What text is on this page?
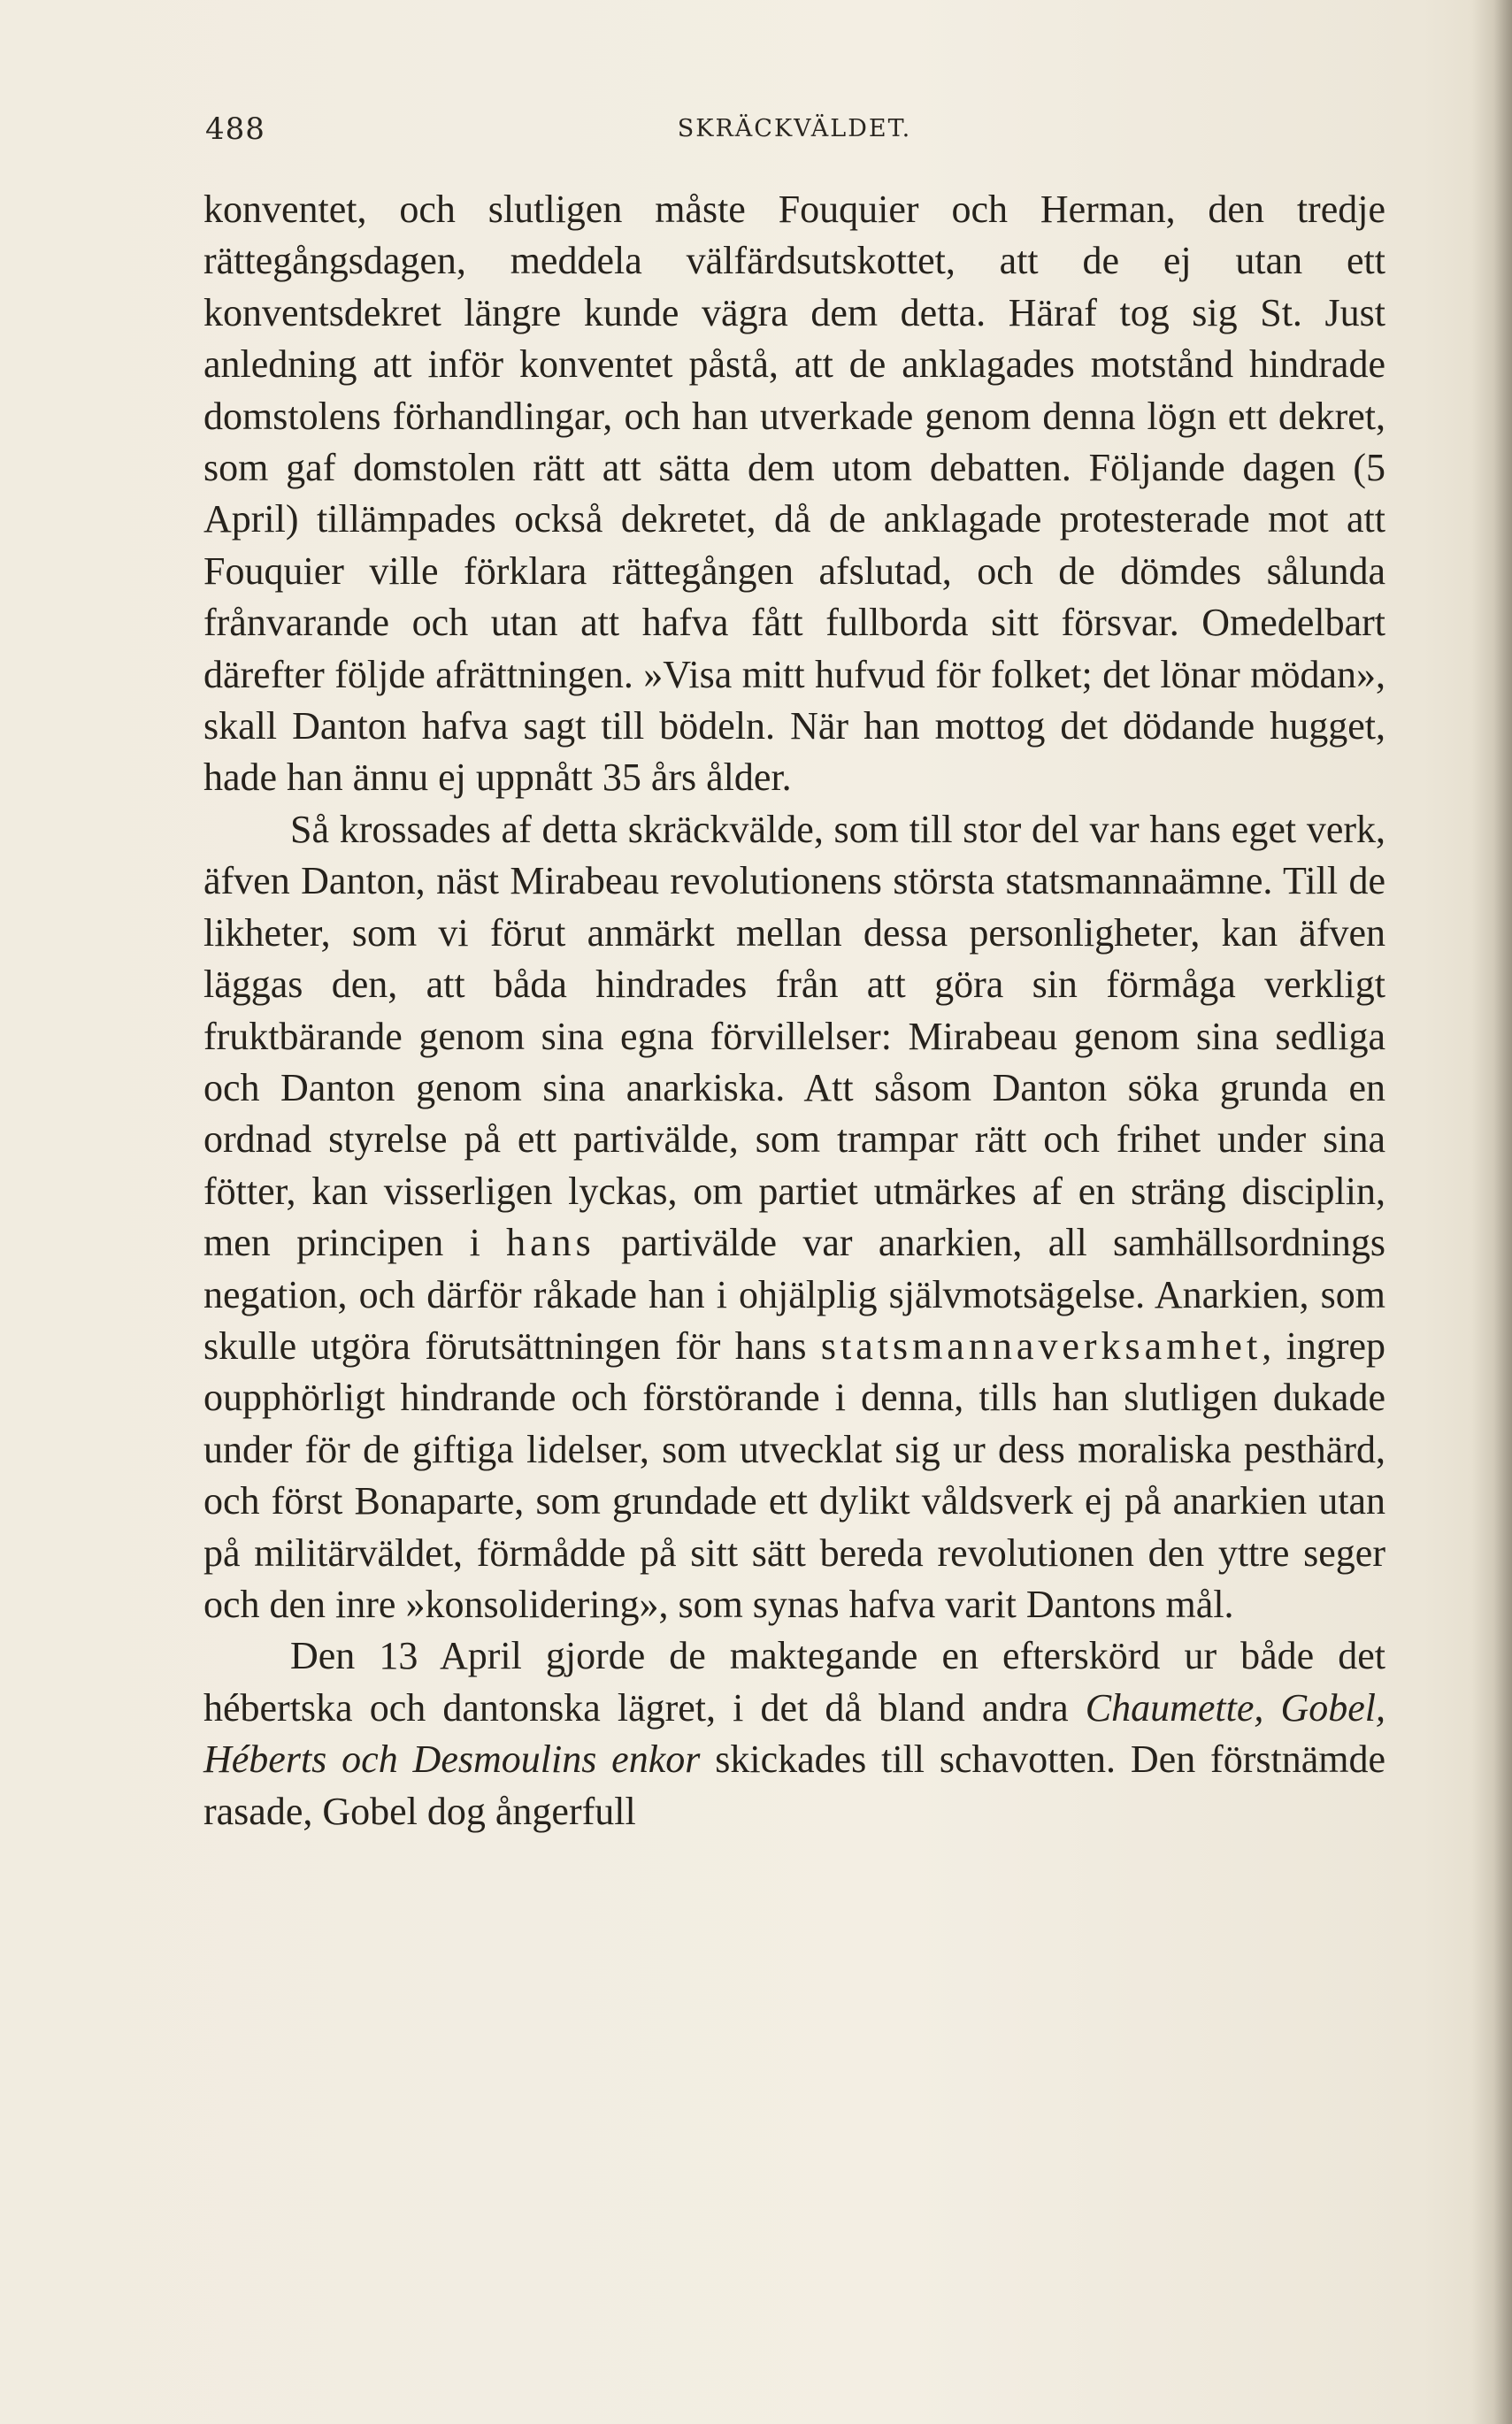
488	SKRÄCKVÄLDET.

konventet, och slutligen måste Fouquier och Herman, den tredje rättegångsdagen, meddela välfärdsutskottet, att de ej utan ett konventsdekret längre kunde vägra dem detta. Häraf tog sig St. Just anledning att inför konventet påstå, att de anklagades motstånd hindrade domstolens förhandlingar, och han utverkade genom denna lögn ett dekret, som gaf domstolen rätt att sätta dem utom debatten. Följande dagen (5 April) tillämpades också dekretet, då de anklagade protesterade mot att Fouquier ville förklara rättegången afslutad, och de dömdes sålunda frånvarande och utan att hafva fått fullborda sitt försvar. Omedelbart därefter följde afrättningen. »Visa mitt hufvud för folket; det lönar mödan», skall Danton hafva sagt till bödeln. När han mottog det dödande hugget, hade han ännu ej uppnått 35 års ålder.

Så krossades af detta skräckvälde, som till stor del var hans eget verk, äfven Danton, näst Mirabeau revolutionens största statsmannaämne. Till de likheter, som vi förut anmärkt mellan dessa personligheter, kan äfven läggas den, att båda hindrades från att göra sin förmåga verkligt fruktbärande genom sina egna förvillelser: Mirabeau genom sina sedliga och Danton genom sina anarkiska. Att såsom Danton söka grunda en ordnad styrelse på ett partivälde, som trampar rätt och frihet under sina fötter, kan visserligen lyckas, om partiet utmärkes af en sträng disciplin, men principen i hans partivälde var anarkien, all samhällsordnings negation, och därför råkade han i ohjälplig självmotsägelse. Anarkien, som skulle utgöra förutsättningen för hans statsmannaverksamhet, ingrep oupphörligt hindrande och förstörande i denna, tills han slutligen dukade under för de giftiga lidelser, som utvecklat sig ur dess moraliska pesthärd, och först Bonaparte, som grundade ett dylikt våldsverk ej på anarkien utan på militärväldet, förmådde på sitt sätt bereda revolutionen den yttre seger och den inre »konsolidering», som synas hafva varit Dantons mål.

Den 13 April gjorde de maktegande en efterskörd ur både det hébertska och dantonska lägret, i det då bland andra Chaumette, Gobel, Héberts och Desmoulins enkor skickades till schavotten. Den förstnämde rasade, Gobel dog ångerfull
